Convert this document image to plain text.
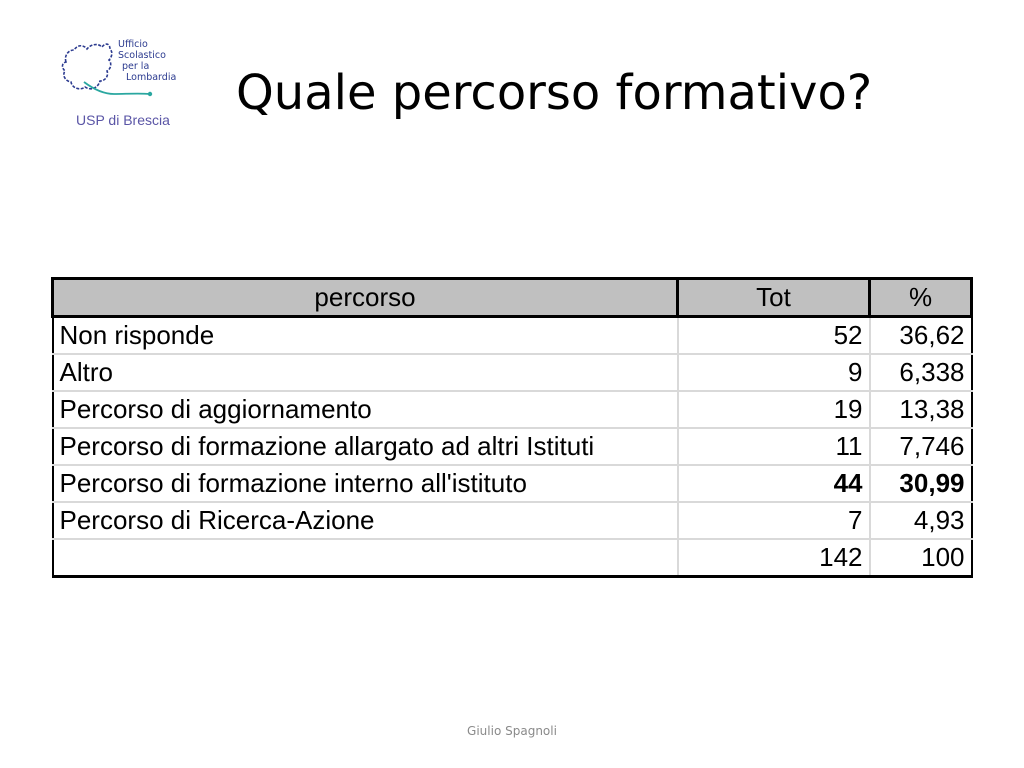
Ufficio
Scolastico
per la
Lombardia
USP di Brescia Quale percorso formativo?
percorso	Tot	%
Non risponde	52	36,62
Altro	9	6,338
Percorso di aggiornamento	19	13,38
Percorso di formazione allargato ad altri Istituti	11	7,746
Percorso di formazione interno all'istituto	44	30,99
Percorso di Ricerca-Azione	7	4,93
	142	100
Giulio Spagnoli
